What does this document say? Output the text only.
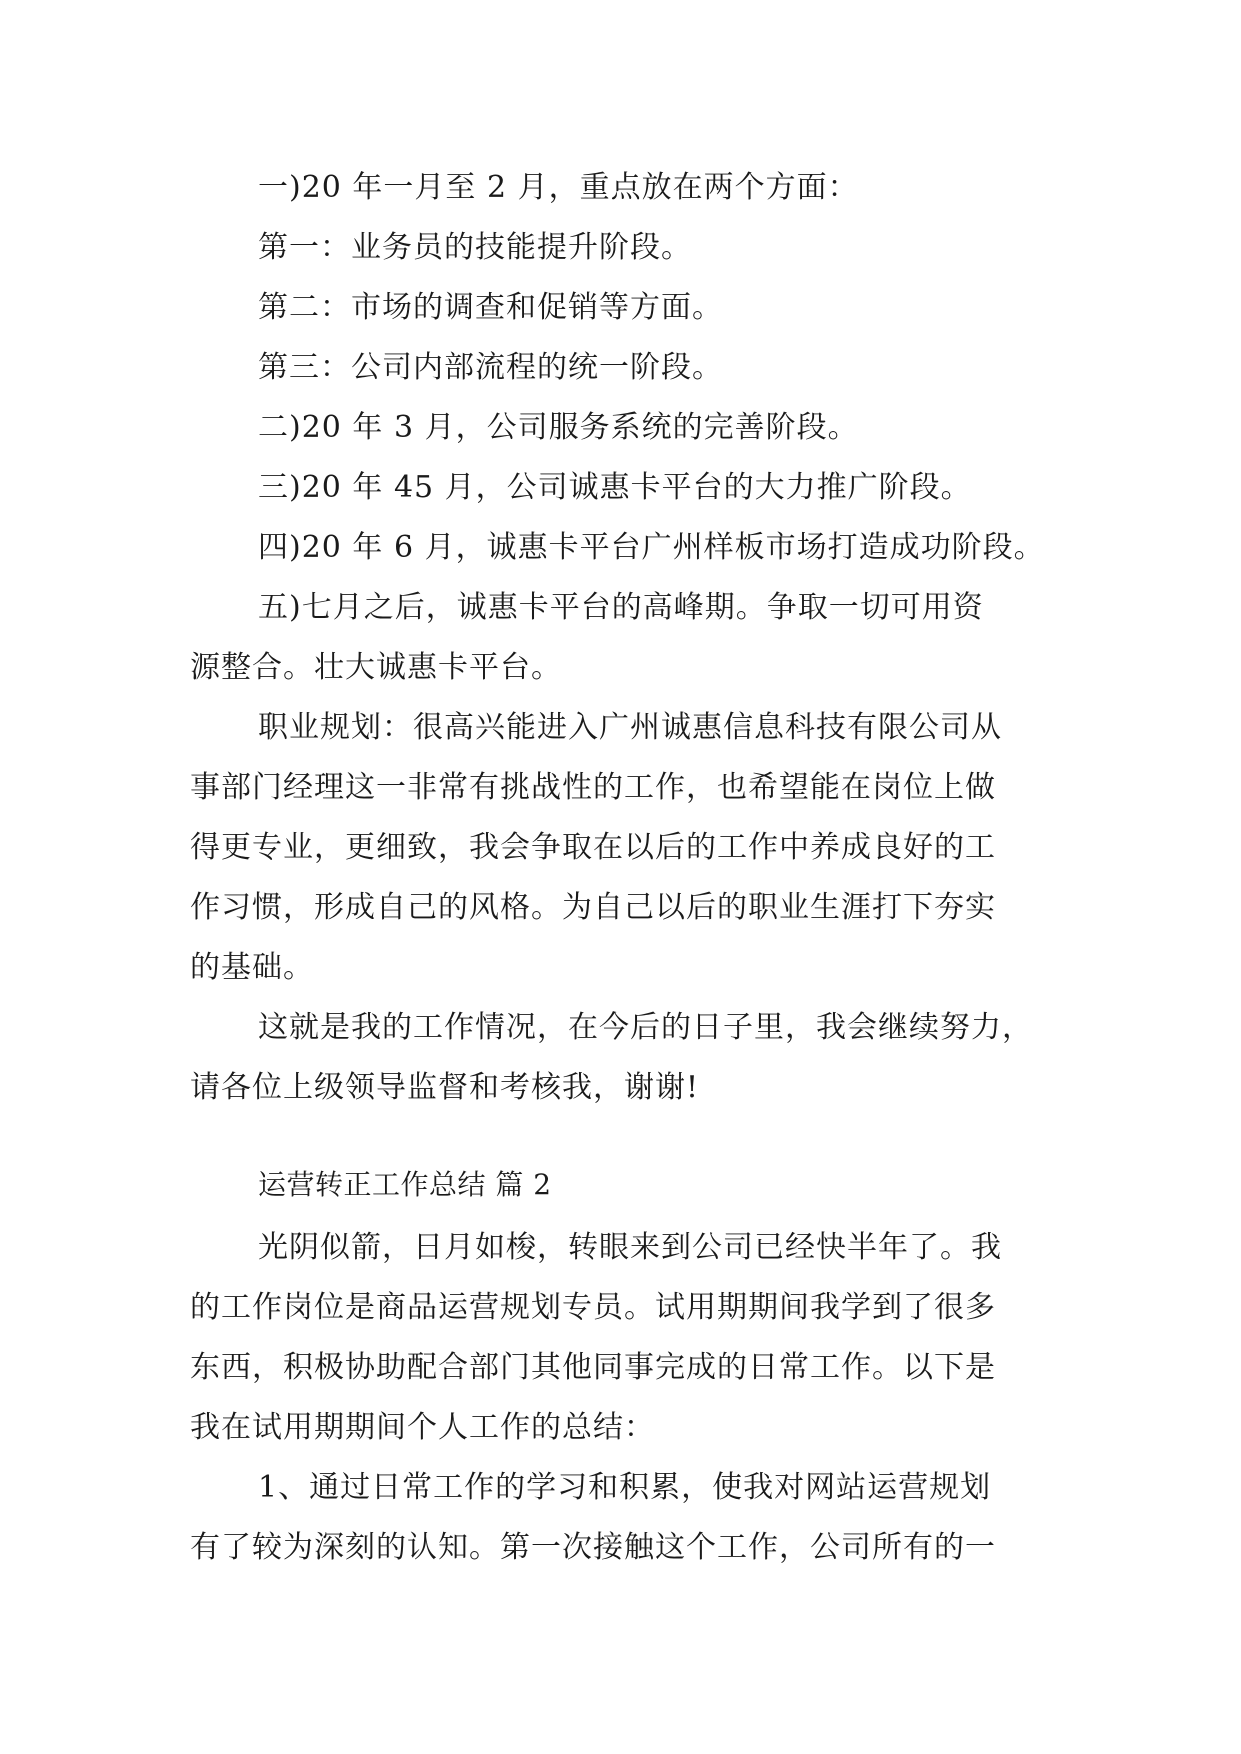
一)20 年一月至 2 月，重点放在两个方面：
第一：业务员的技能提升阶段。
第二：市场的调查和促销等方面。
第三：公司内部流程的统一阶段。
二)20 年 3 月，公司服务系统的完善阶段。
三)20 年 45 月，公司诚惠卡平台的大力推广阶段。
四)20 年 6 月，诚惠卡平台广州样板市场打造成功阶段。
五)七月之后，诚惠卡平台的高峰期。争取一切可用资
源整合。壮大诚惠卡平台。
职业规划：很高兴能进入广州诚惠信息科技有限公司从
事部门经理这一非常有挑战性的工作，也希望能在岗位上做
得更专业，更细致，我会争取在以后的工作中养成良好的工
作习惯，形成自己的风格。为自己以后的职业生涯打下夯实
的基础。
这就是我的工作情况，在今后的日子里，我会继续努力，
请各位上级领导监督和考核我，谢谢!
运营转正工作总结 篇 2
光阴似箭，日月如梭，转眼来到公司已经快半年了。我
的工作岗位是商品运营规划专员。试用期期间我学到了很多
东西，积极协助配合部门其他同事完成的日常工作。以下是
我在试用期期间个人工作的总结：
1、通过日常工作的学习和积累，使我对网站运营规划
有了较为深刻的认知。第一次接触这个工作，公司所有的一
